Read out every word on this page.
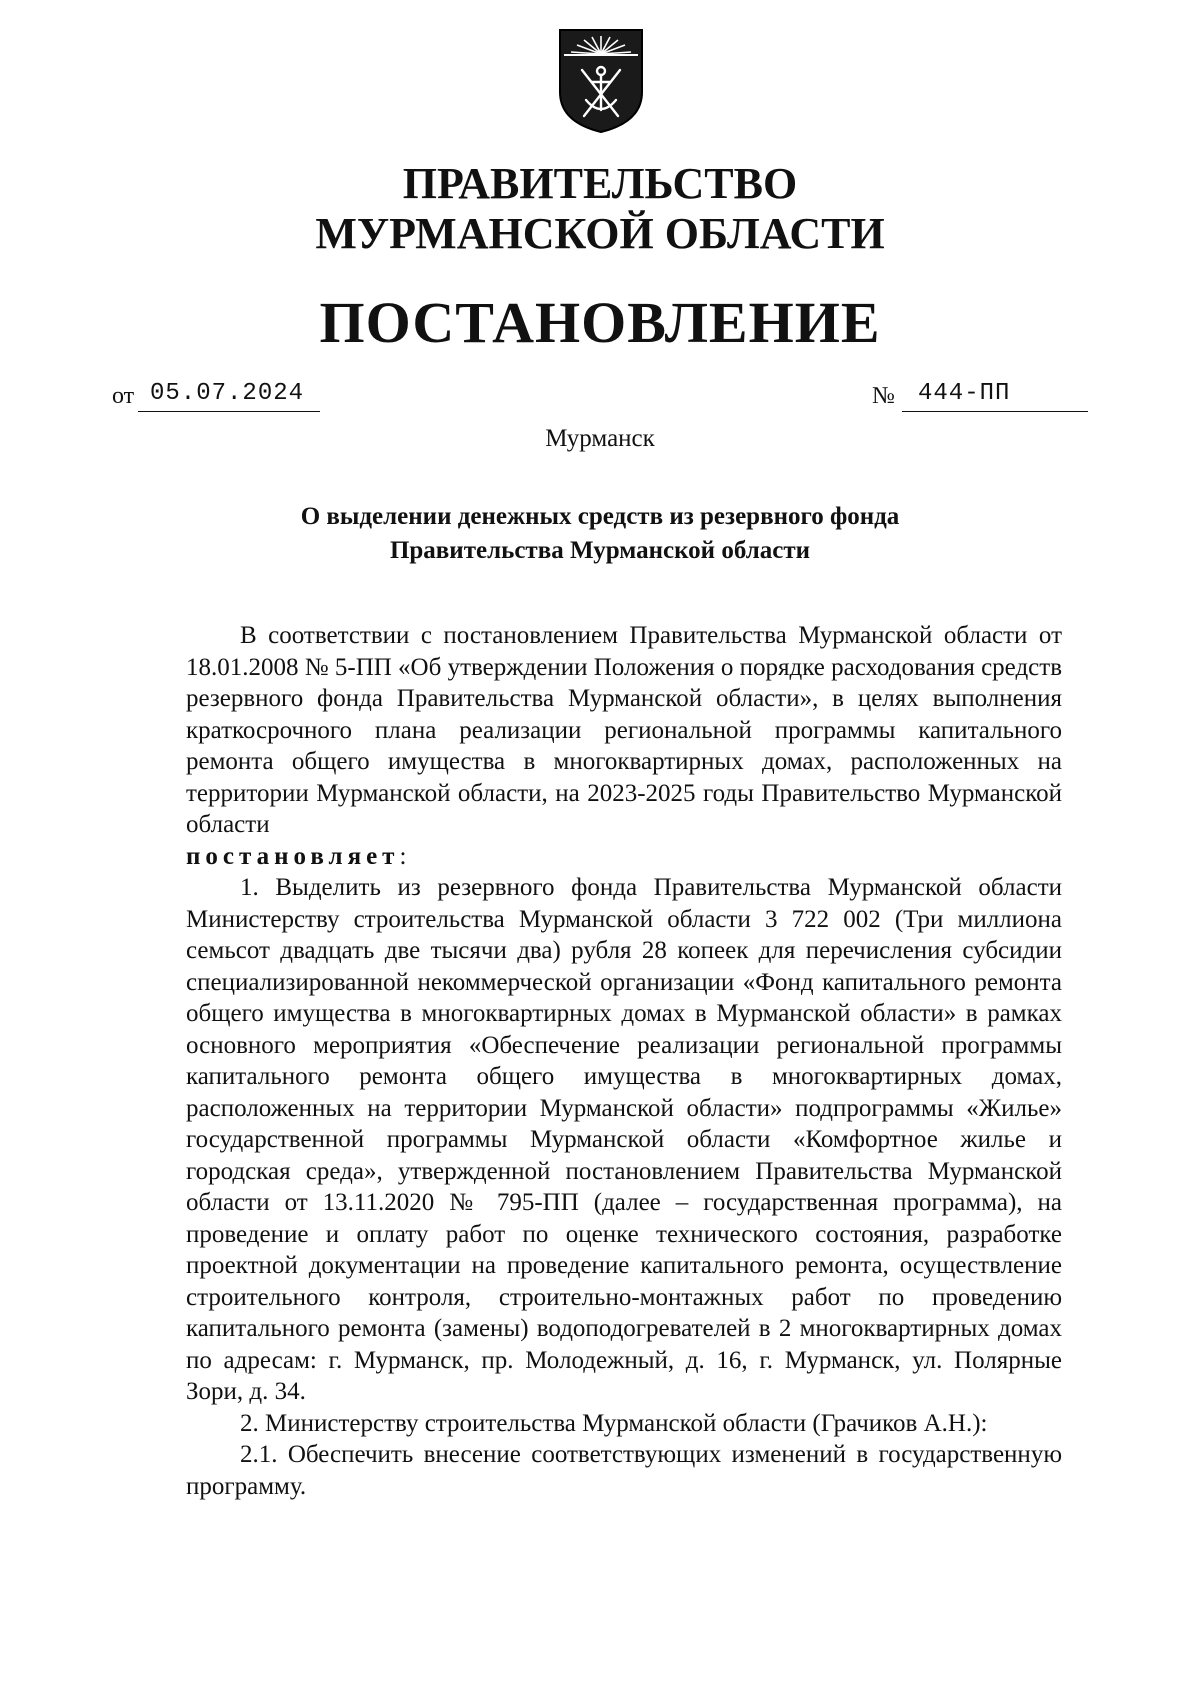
ПРАВИТЕЛЬСТВО
МУРМАНСКОЙ ОБЛАСТИ
ПОСТАНОВЛЕНИЕ
от 05.07.2024	№ 444-ПП

Мурманск

О выделении денежных средств из резервного фонда
Правительства Мурманской области

В соответствии с постановлением Правительства Мурманской области от 18.01.2008 № 5-ПП «Об утверждении Положения о порядке расходования средств резервного фонда Правительства Мурманской области», в целях выполнения краткосрочного плана реализации региональной программы капитального ремонта общего имущества в многоквартирных домах, расположенных на территории Мурманской области, на 2023-2025 годы Правительство Мурманской области

постановляет:

1. Выделить из резервного фонда Правительства Мурманской области Министерству строительства Мурманской области 3 722 002 (Три миллиона семьсот двадцать две тысячи два) рубля 28 копеек для перечисления субсидии специализированной некоммерческой организации «Фонд капитального ремонта общего имущества в многоквартирных домах в Мурманской области» в рамках основного мероприятия «Обеспечение реализации региональной программы капитального ремонта общего имущества в многоквартирных домах, расположенных на территории Мурманской области» подпрограммы «Жилье» государственной программы Мурманской области «Комфортное жилье и городская среда», утвержденной постановлением Правительства Мурманской области от 13.11.2020 № 795-ПП (далее – государственная программа), на проведение и оплату работ по оценке технического состояния, разработке проектной документации на проведение капитального ремонта, осуществление строительного контроля, строительно-монтажных работ по проведению капитального ремонта (замены) водоподогревателей в 2 многоквартирных домах по адресам: г. Мурманск, пр. Молодежный, д. 16, г. Мурманск, ул. Полярные Зори, д. 34.

2. Министерству строительства Мурманской области (Грачиков А.Н.):

2.1. Обеспечить внесение соответствующих изменений в государственную программу.
